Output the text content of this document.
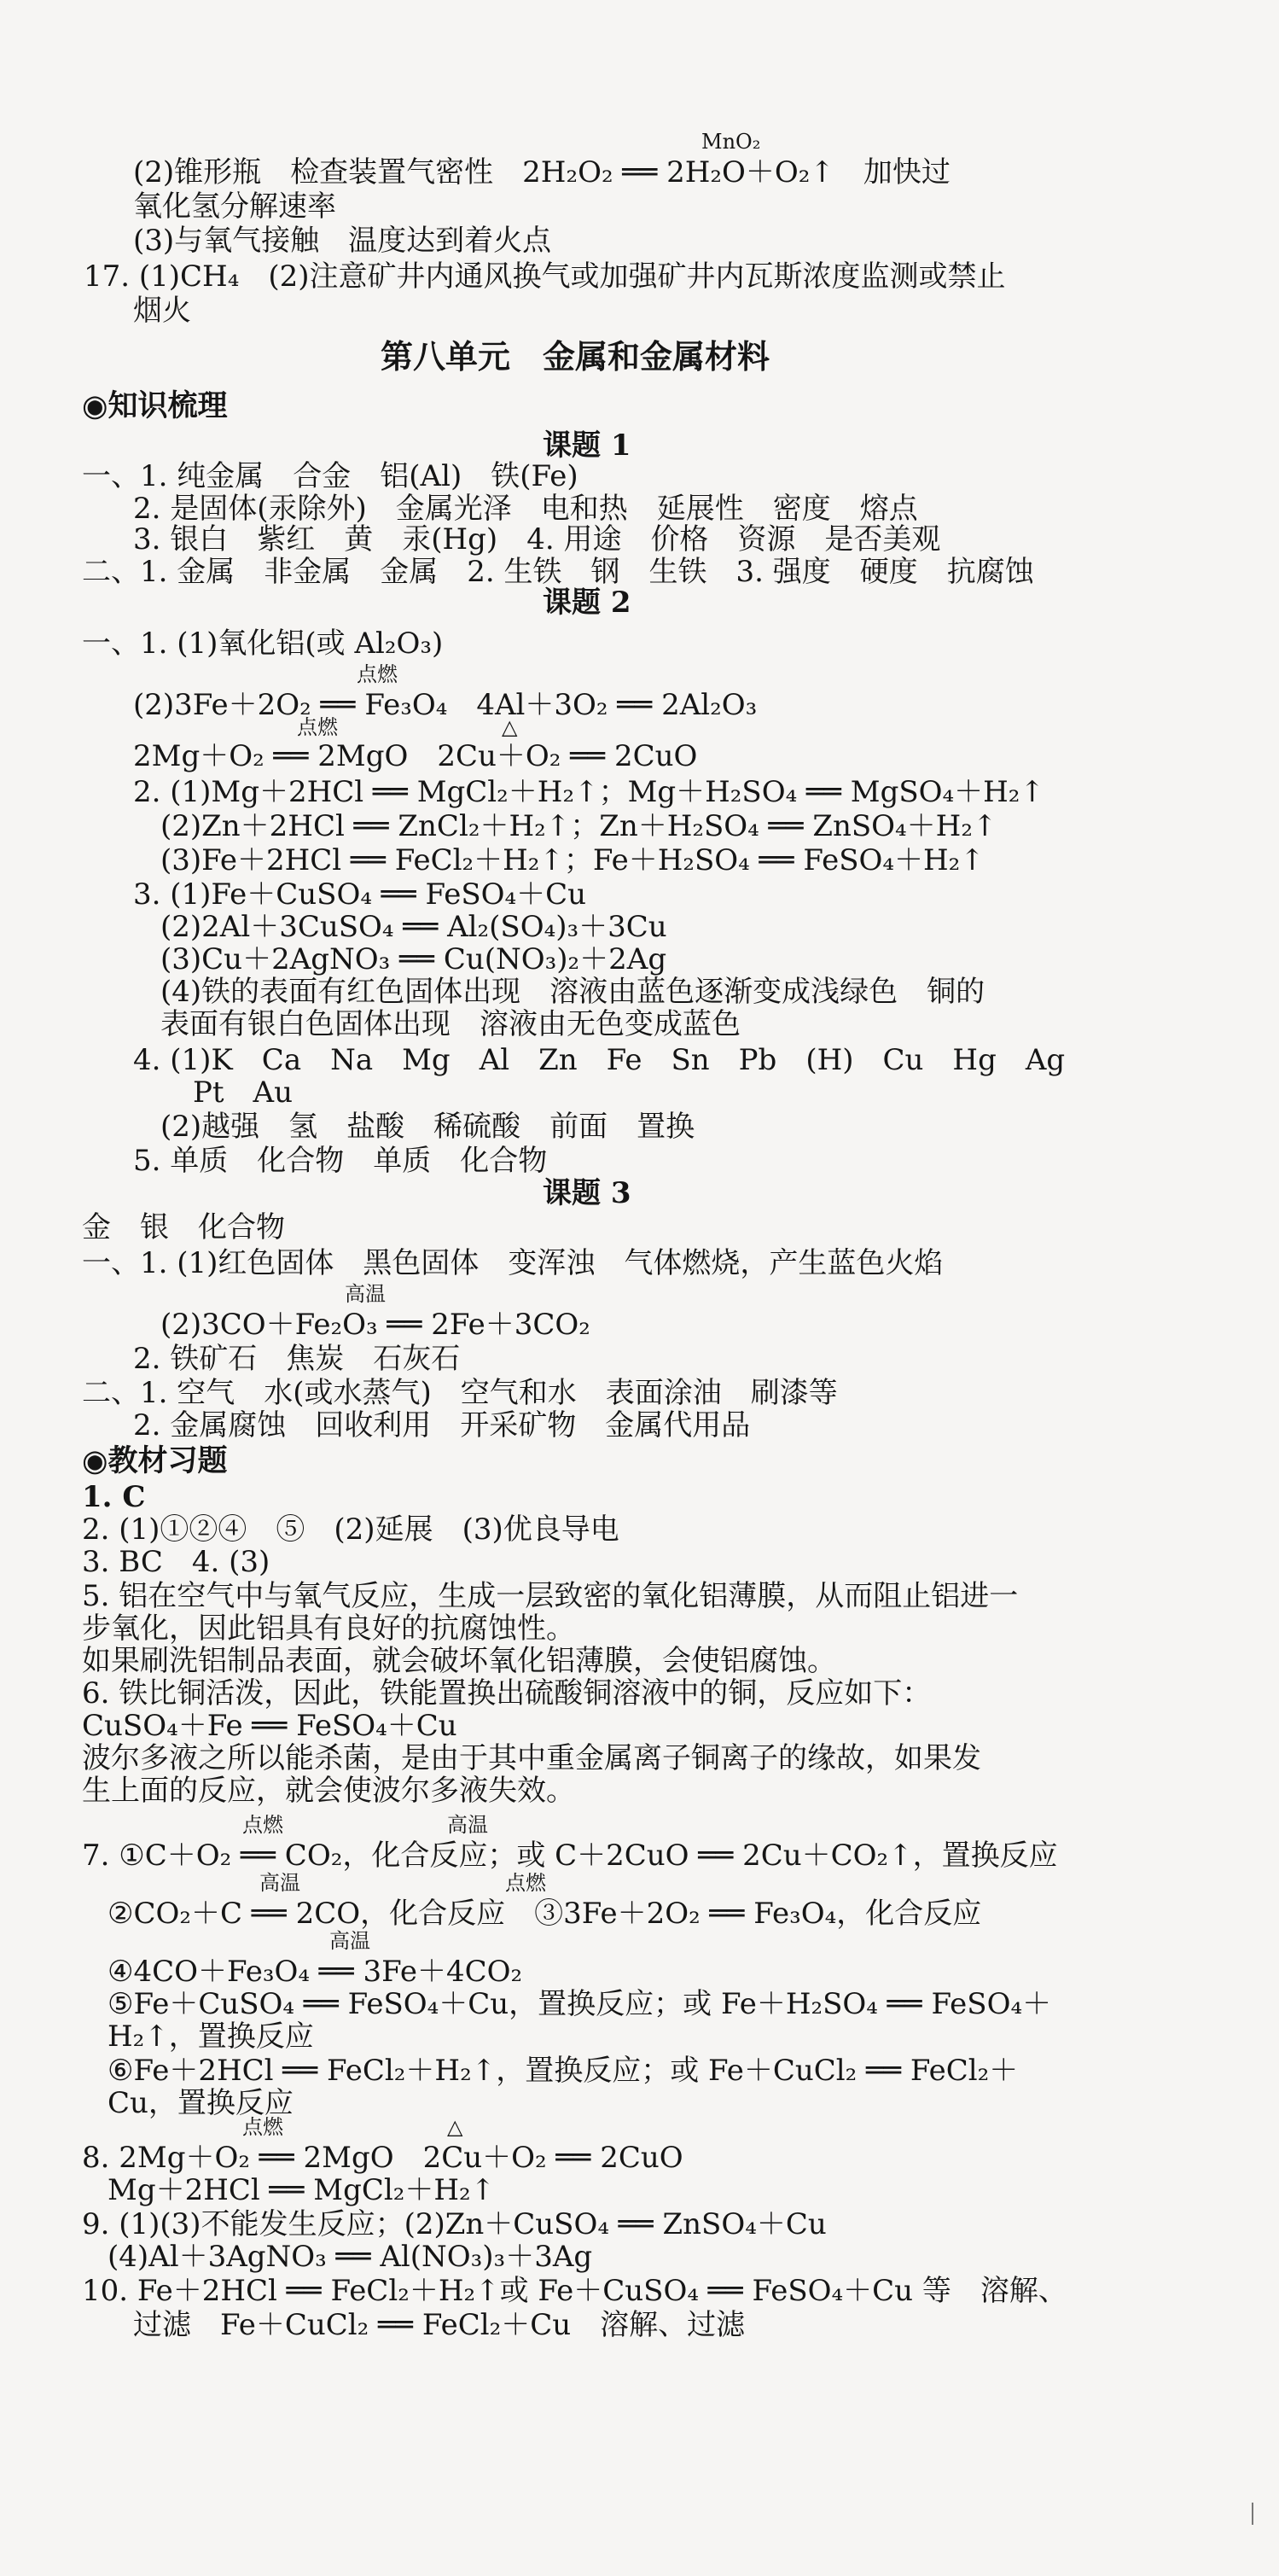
MnO₂
(2)锥形瓶　检查装置气密性　2H₂O₂ ══ 2H₂O＋O₂↑　加快过
氧化氢分解速率
(3)与氧气接触　温度达到着火点
17. (1)CH₄　(2)注意矿井内通风换气或加强矿井内瓦斯浓度监测或禁止
烟火
第八单元　金属和金属材料
◉知识梳理
课题 1
一、1. 纯金属　合金　铝(Al)　铁(Fe)
2. 是固体(汞除外)　金属光泽　电和热　延展性　密度　熔点
3. 银白　紫红　黄　汞(Hg)　4. 用途　价格　资源　是否美观
二、1. 金属　非金属　金属　2. 生铁　钢　生铁　3. 强度　硬度　抗腐蚀
课题 2
一、1. (1)氧化铝(或 Al₂O₃)
点燃
(2)3Fe＋2O₂ ══ Fe₃O₄　4Al＋3O₂ ══ 2Al₂O₃
点燃　　　　　　　　△
2Mg＋O₂ ══ 2MgO　2Cu＋O₂ ══ 2CuO
2. (1)Mg＋2HCl ══ MgCl₂＋H₂↑；Mg＋H₂SO₄ ══ MgSO₄＋H₂↑
(2)Zn＋2HCl ══ ZnCl₂＋H₂↑；Zn＋H₂SO₄ ══ ZnSO₄＋H₂↑
(3)Fe＋2HCl ══ FeCl₂＋H₂↑；Fe＋H₂SO₄ ══ FeSO₄＋H₂↑
3. (1)Fe＋CuSO₄ ══ FeSO₄＋Cu
(2)2Al＋3CuSO₄ ══ Al₂(SO₄)₃＋3Cu
(3)Cu＋2AgNO₃ ══ Cu(NO₃)₂＋2Ag
(4)铁的表面有红色固体出现　溶液由蓝色逐渐变成浅绿色　铜的
表面有银白色固体出现　溶液由无色变成蓝色
4. (1)K　Ca　Na　Mg　Al　Zn　Fe　Sn　Pb　(H)　Cu　Hg　Ag
Pt　Au
(2)越强　氢　盐酸　稀硫酸　前面　置换
5. 单质　化合物　单质　化合物
课题 3
金　银　化合物
一、1. (1)红色固体　黑色固体　变浑浊　气体燃烧，产生蓝色火焰
高温
(2)3CO＋Fe₂O₃ ══ 2Fe＋3CO₂
2. 铁矿石　焦炭　石灰石
二、1. 空气　水(或水蒸气)　空气和水　表面涂油　刷漆等
2. 金属腐蚀　回收利用　开采矿物　金属代用品
◉教材习题
1. C
2. (1)①②④　⑤　(2)延展　(3)优良导电
3. BC　4. (3)
5. 铝在空气中与氧气反应，生成一层致密的氧化铝薄膜，从而阻止铝进一
步氧化，因此铝具有良好的抗腐蚀性。
如果刷洗铝制品表面，就会破坏氧化铝薄膜，会使铝腐蚀。
6. 铁比铜活泼，因此，铁能置换出硫酸铜溶液中的铜，反应如下：
CuSO₄＋Fe ══ FeSO₄＋Cu
波尔多液之所以能杀菌，是由于其中重金属离子铜离子的缘故，如果发
生上面的反应，就会使波尔多液失效。
点燃　　　　　　　　高温
7. ①C＋O₂ ══ CO₂，化合反应；或 C＋2CuO ══ 2Cu＋CO₂↑，置换反应
高温　　　　　　　　　　点燃
②CO₂＋C ══ 2CO，化合反应　③3Fe＋2O₂ ══ Fe₃O₄，化合反应
高温
④4CO＋Fe₃O₄ ══ 3Fe＋4CO₂
⑤Fe＋CuSO₄ ══ FeSO₄＋Cu，置换反应；或 Fe＋H₂SO₄ ══ FeSO₄＋
H₂↑，置换反应
⑥Fe＋2HCl ══ FeCl₂＋H₂↑，置换反应；或 Fe＋CuCl₂ ══ FeCl₂＋
Cu，置换反应
点燃　　　　　　　　△
8. 2Mg＋O₂ ══ 2MgO　2Cu＋O₂ ══ 2CuO
Mg＋2HCl ══ MgCl₂＋H₂↑
9. (1)(3)不能发生反应；(2)Zn＋CuSO₄ ══ ZnSO₄＋Cu
(4)Al＋3AgNO₃ ══ Al(NO₃)₃＋3Ag
10. Fe＋2HCl ══ FeCl₂＋H₂↑或 Fe＋CuSO₄ ══ FeSO₄＋Cu 等　溶解、
过滤　Fe＋CuCl₂ ══ FeCl₂＋Cu　溶解、过滤
